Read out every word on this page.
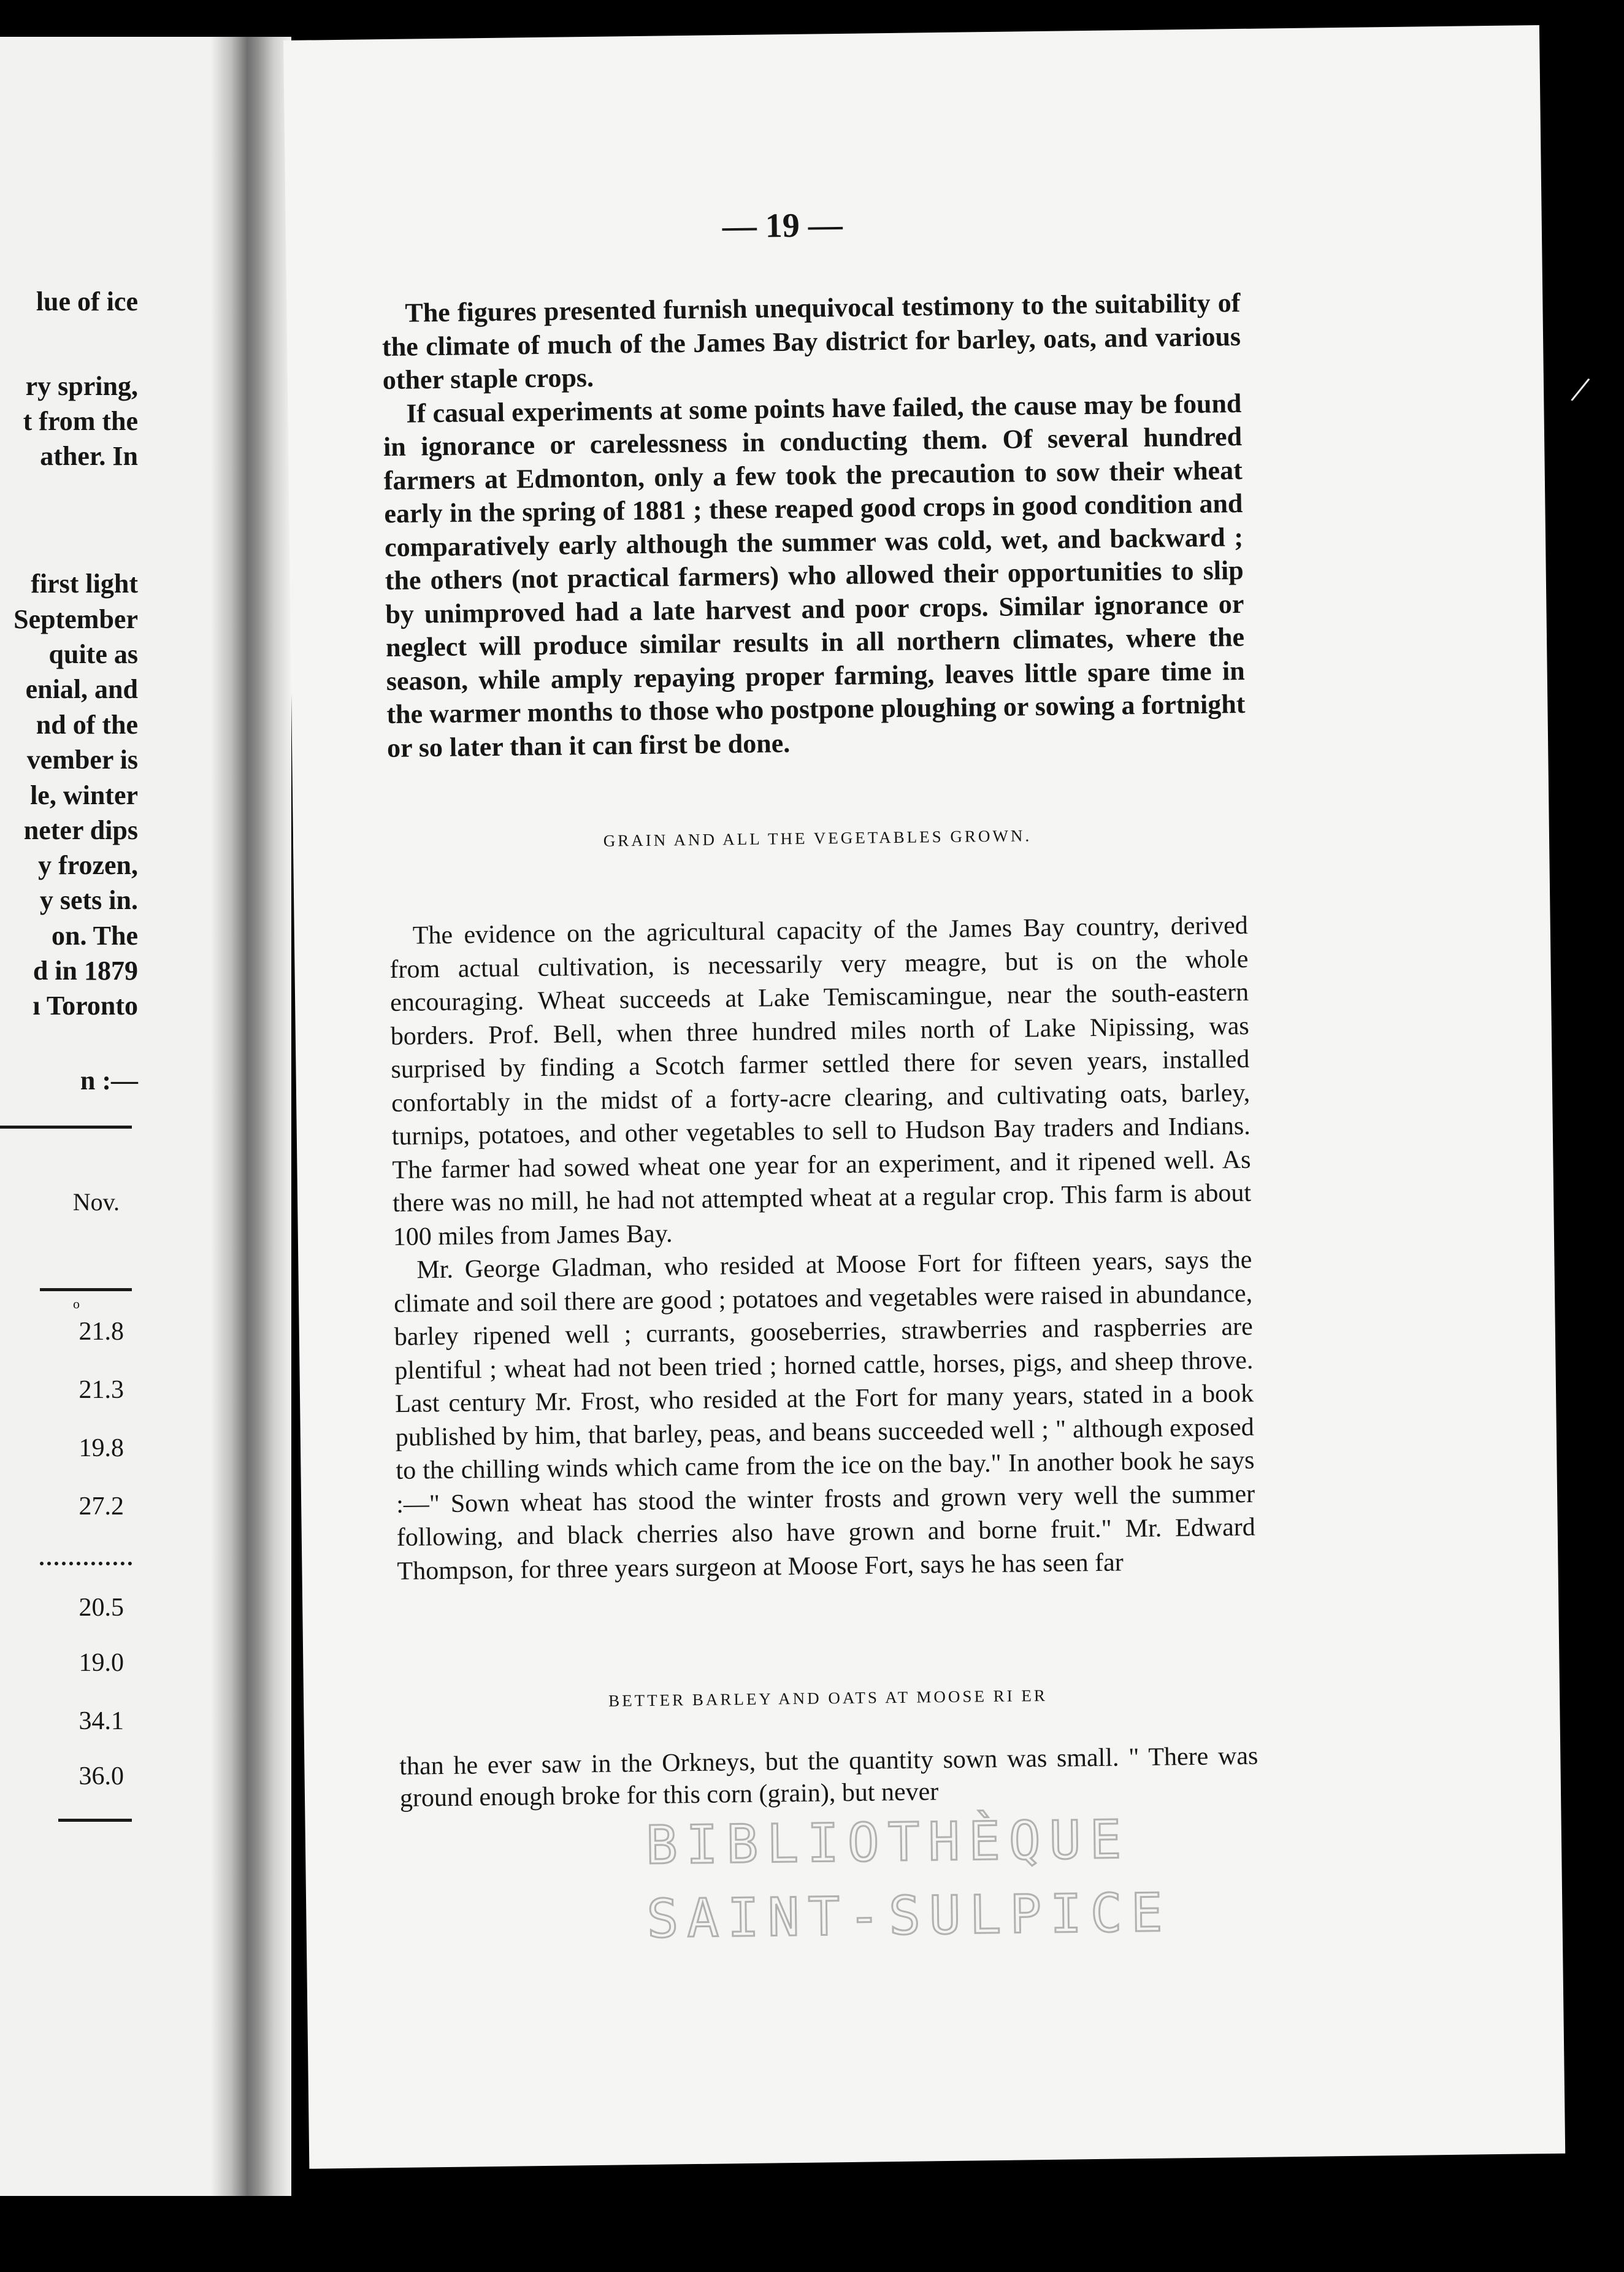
lue of ice
ry spring,
t from the
ather. In
first light
September
quite as
enial, and
nd of the
vember is
le, winter
neter dips
y frozen,
y sets in.
on. The
d in 1879
ı Toronto
n :—
Nov.
o
21.8
21.3
19.8
27.2
20.5
19.0
34.1
36.0
— 19 —

The figures presented furnish unequivocal testimony to the suitability of the climate of much of the James Bay district for barley, oats, and various other staple crops.

If casual experiments at some points have failed, the cause may be found in ignorance or carelessness in conducting them. Of several hundred farmers at Edmonton, only a few took the precaution to sow their wheat early in the spring of 1881 ; these reaped good crops in good condition and comparatively early although the summer was cold, wet, and backward ; the others (not practical farmers) who allowed their opportunities to slip by unimproved had a late harvest and poor crops. Similar ignorance or neglect will produce similar results in all northern climates, where the season, while amply repaying proper farming, leaves little spare time in the warmer months to those who postpone ploughing or sowing a fortnight or so later than it can first be done.

GRAIN AND ALL THE VEGETABLES GROWN.

The evidence on the agricultural capacity of the James Bay country, derived from actual cultivation, is necessarily very meagre, but is on the whole encouraging. Wheat succeeds at Lake Temiscamingue, near the south-eastern borders. Prof. Bell, when three hundred miles north of Lake Nipissing, was surprised by finding a Scotch farmer settled there for seven years, installed confortably in the midst of a forty-acre clearing, and cultivating oats, barley, turnips, potatoes, and other vegetables to sell to Hudson Bay traders and Indians. The farmer had sowed wheat one year for an experiment, and it ripened well. As there was no mill, he had not attempted wheat at a regular crop. This farm is about 100 miles from James Bay.

Mr. George Gladman, who resided at Moose Fort for fifteen years, says the climate and soil there are good ; potatoes and vegetables were raised in abundance, barley ripened well ; currants, gooseberries, strawberries and raspberries are plentiful ; wheat had not been tried ; horned cattle, horses, pigs, and sheep throve. Last century Mr. Frost, who resided at the Fort for many years, stated in a book published by him, that barley, peas, and beans succeeded well ; " although exposed to the chilling winds which came from the ice on the bay." In another book he says :—" Sown wheat has stood the winter frosts and grown very well the summer following, and black cherries also have grown and borne fruit." Mr. Edward Thompson, for three years surgeon at Moose Fort, says he has seen far

BETTER BARLEY AND OATS AT MOOSE RI ER

than he ever saw in the Orkneys, but the quantity sown was small. " There was ground enough broke for this corn (grain), but never

BIBLIOTHÈQUE
SAINT-SULPICE
/
